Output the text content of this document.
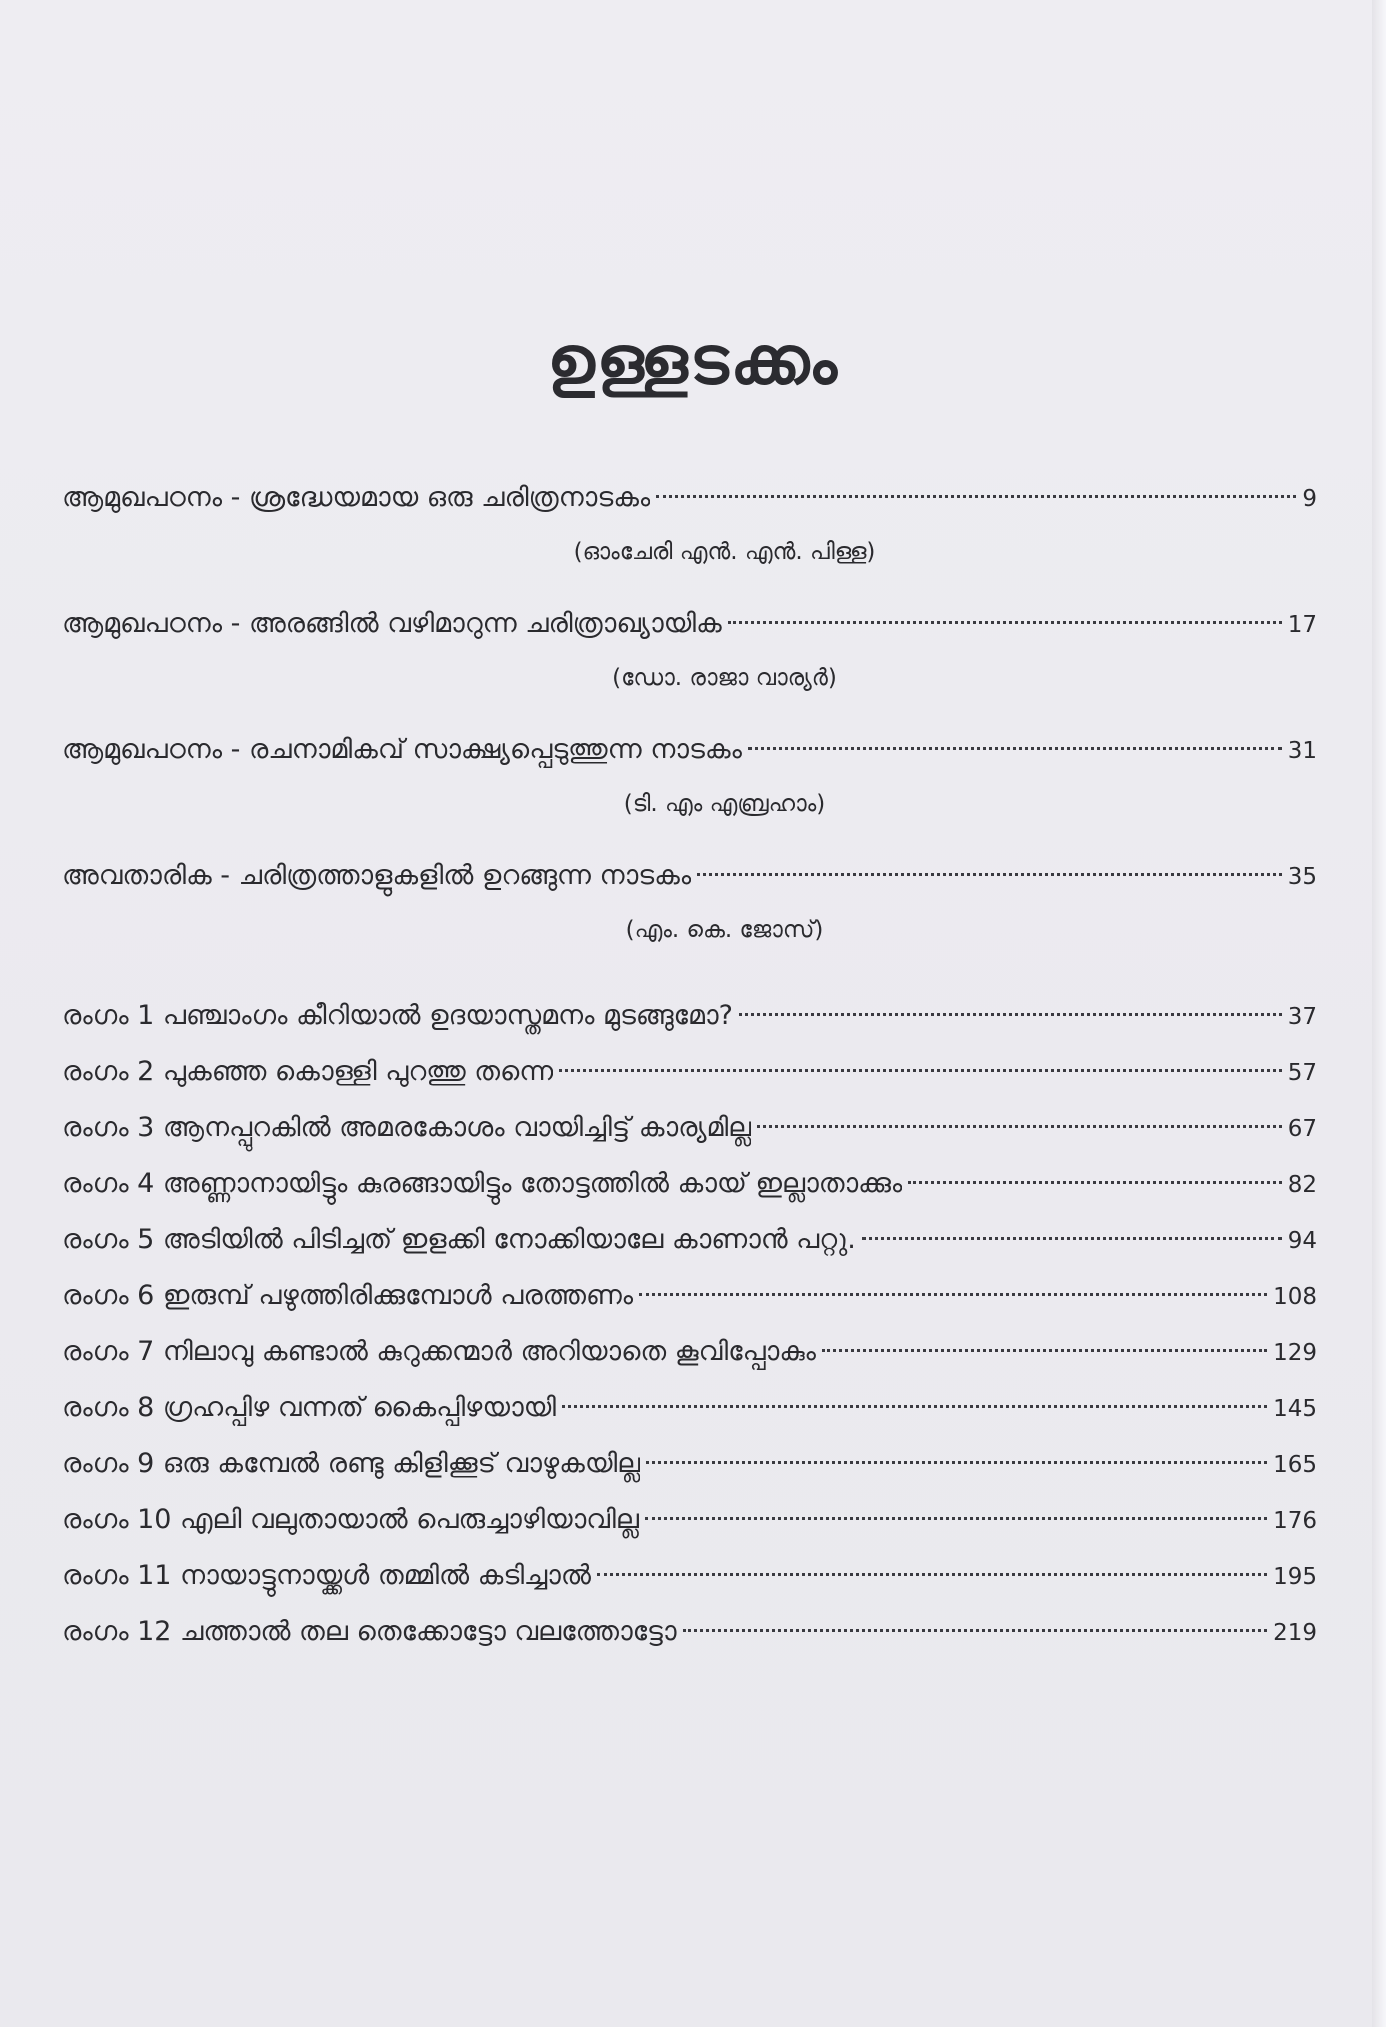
ഉള്ളടക്കം
ആമുഖപഠനം - ശ്രദ്ധേയമായ ഒരു ചരിത്രനാടകം	9
(ഓംചേരി എൻ. എൻ. പിള്ള)
ആമുഖപഠനം - അരങ്ങിൽ വഴിമാറുന്ന ചരിത്രാഖ്യായിക	17
(ഡോ. രാജാ വാര്യർ)
ആമുഖപഠനം - രചനാമികവ് സാക്ഷ്യപ്പെടുത്തുന്ന നാടകം	31
(ടി. എം എബ്രഹാം)
അവതാരിക - ചരിത്രത്താളുകളിൽ ഉറങ്ങുന്ന നാടകം	35
(എം. കെ. ജോസ്)
രംഗം 1 പഞ്ചാംഗം കീറിയാൽ ഉദയാസ്തമനം മുടങ്ങുമോ?	37
രംഗം 2 പുകഞ്ഞ കൊള്ളി പുറത്തു തന്നെ	57
രംഗം 3 ആനപ്പുറകിൽ അമരകോശം വായിച്ചിട്ട് കാര്യമില്ല	67
രംഗം 4 അണ്ണാനായിട്ടും കുരങ്ങായിട്ടും തോട്ടത്തിൽ കായ് ഇല്ലാതാക്കും	82
രംഗം 5 അടിയിൽ പിടിച്ചത് ഇളക്കി നോക്കിയാലേ കാണാൻ പറ്റു.	94
രംഗം 6 ഇരുമ്പ് പഴുത്തിരിക്കുമ്പോൾ പരത്തണം	108
രംഗം 7 നിലാവു കണ്ടാൽ കുറുക്കന്മാർ അറിയാതെ കൂവിപ്പോകും	129
രംഗം 8 ഗ്രഹപ്പിഴ വന്നത് കൈപ്പിഴയായി	145
രംഗം 9 ഒരു കമ്പേൽ രണ്ടു കിളിക്കൂട് വാഴുകയില്ല	165
രംഗം 10 എലി വലുതായാൽ പെരുച്ചാഴിയാവില്ല	176
രംഗം 11 നായാട്ടുനായ്ക്കൾ തമ്മിൽ കടിച്ചാൽ	195
രംഗം 12 ചത്താൽ തല തെക്കോട്ടോ വലത്തോട്ടോ	219
